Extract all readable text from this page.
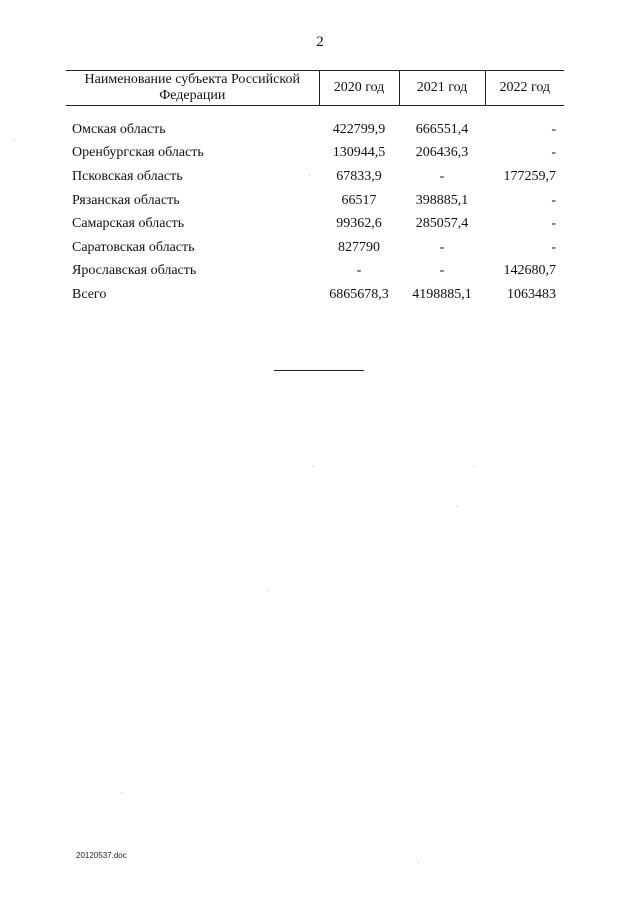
2
Наименование субъекта Российской Федерации	2020 год	2021 год	2022 год

Омская область	422799,9	666551,4	-
Оренбургская область	130944,5	206436,3	-
Псковская область	67833,9	-	177259,7
Рязанская область	66517	398885,1	-
Самарская область	99362,6	285057,4	-
Саратовская область	827790	-	-
Ярославская область	-	-	142680,7
Всего	6865678,3	4198885,1	1063483
20120537.doc
